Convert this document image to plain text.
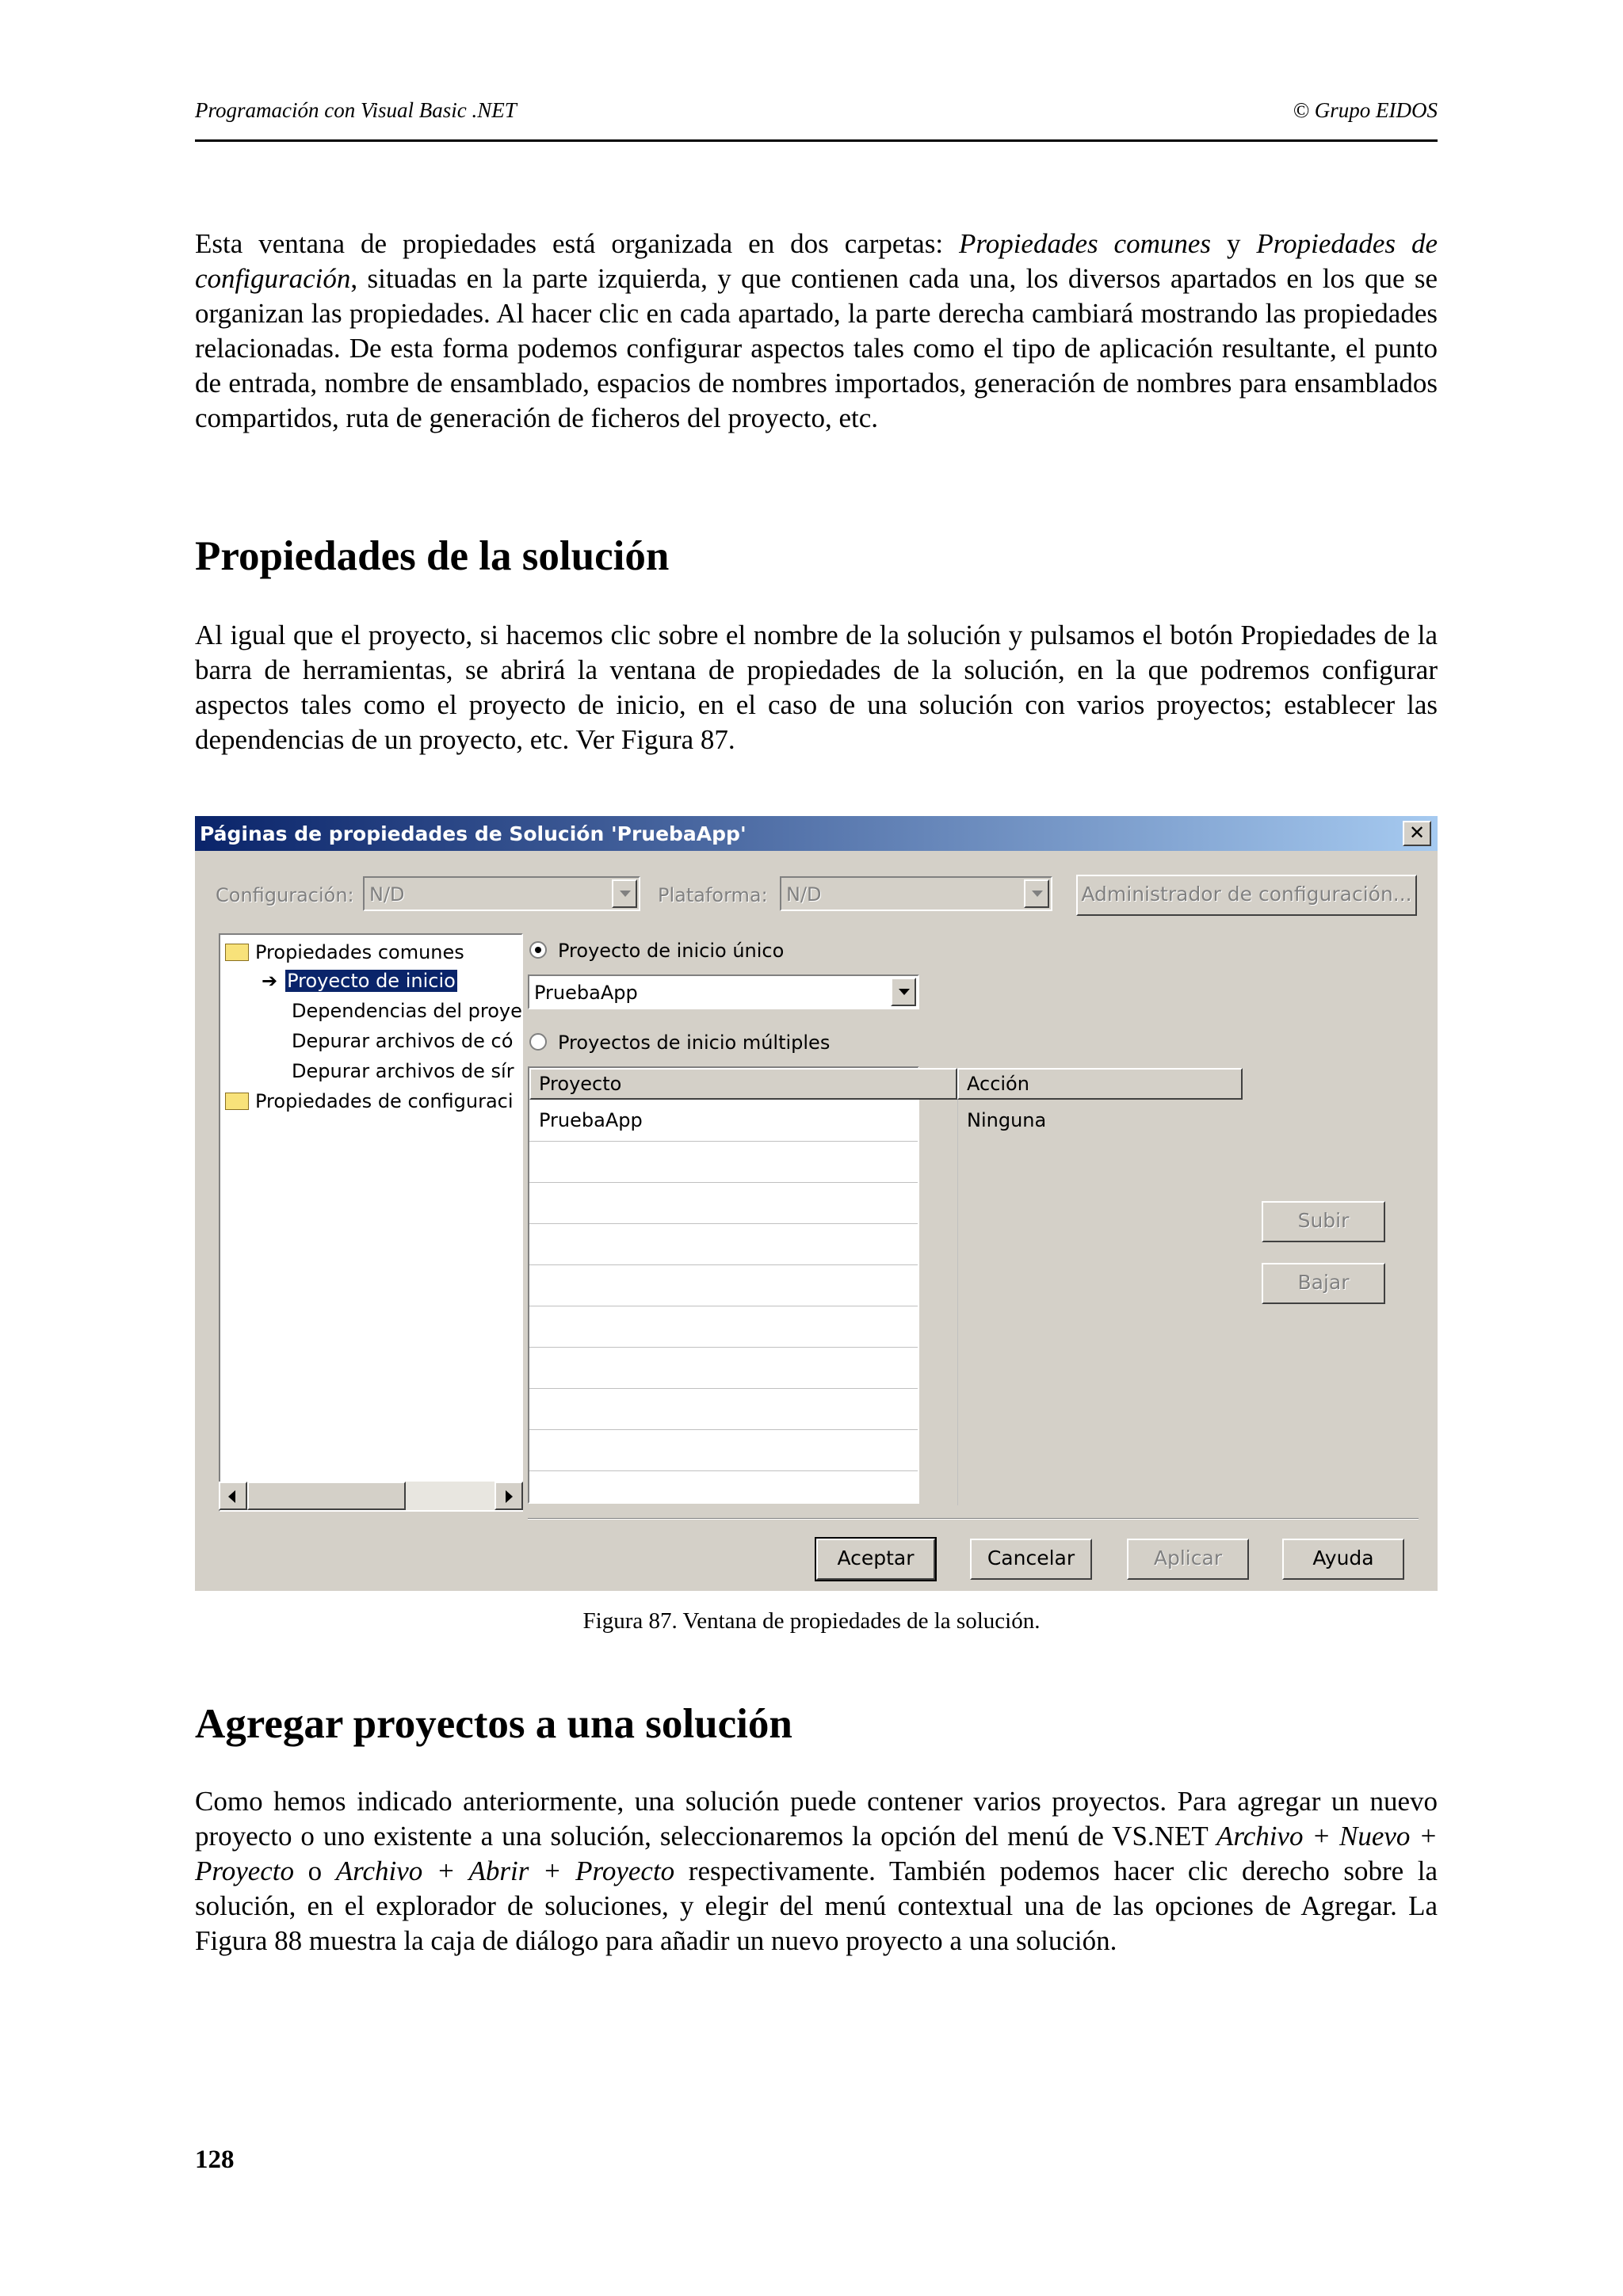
Programación con Visual Basic .NET	© Grupo EIDOS

Esta ventana de propiedades está organizada en dos carpetas: Propiedades comunes y Propiedades de configuración, situadas en la parte izquierda, y que contienen cada una, los diversos apartados en los que se organizan las propiedades. Al hacer clic en cada apartado, la parte derecha cambiará mostrando las propiedades relacionadas. De esta forma podemos configurar aspectos tales como el tipo de aplicación resultante, el punto de entrada, nombre de ensamblado, espacios de nombres importados, generación de nombres para ensamblados compartidos, ruta de generación de ficheros del proyecto, etc.

Propiedades de la solución

Al igual que el proyecto, si hacemos clic sobre el nombre de la solución y pulsamos el botón Propiedades de la barra de herramientas, se abrirá la ventana de propiedades de la solución, en la que podremos configurar aspectos tales como el proyecto de inicio, en el caso de una solución con varios proyectos; establecer las dependencias de un proyecto, etc. Ver Figura 87.

Páginas de propiedades de Solución 'PruebaApp'	✕
Configuración: N/D	Plataforma: N/D	Administrador de configuración...
Propiedades comunes
➔ Proyecto de inicio
Dependencias del proye
Depurar archivos de có
Depurar archivos de sír
Propiedades de configuraci
Proyecto de inicio único
PruebaApp
Proyectos de inicio múltiples
Proyecto	Acción
PruebaApp	Ninguna
Subir
Bajar
Aceptar	Cancelar	Aplicar	Ayuda
Figura 87. Ventana de propiedades de la solución.
Agregar proyectos a una solución

Como hemos indicado anteriormente, una solución puede contener varios proyectos. Para agregar un nuevo proyecto o uno existente a una solución, seleccionaremos la opción del menú de VS.NET Archivo + Nuevo + Proyecto o Archivo + Abrir + Proyecto respectivamente. También podemos hacer clic derecho sobre la solución, en el explorador de soluciones, y elegir del menú contextual una de las opciones de Agregar. La Figura 88 muestra la caja de diálogo para añadir un nuevo proyecto a una solución.

128
